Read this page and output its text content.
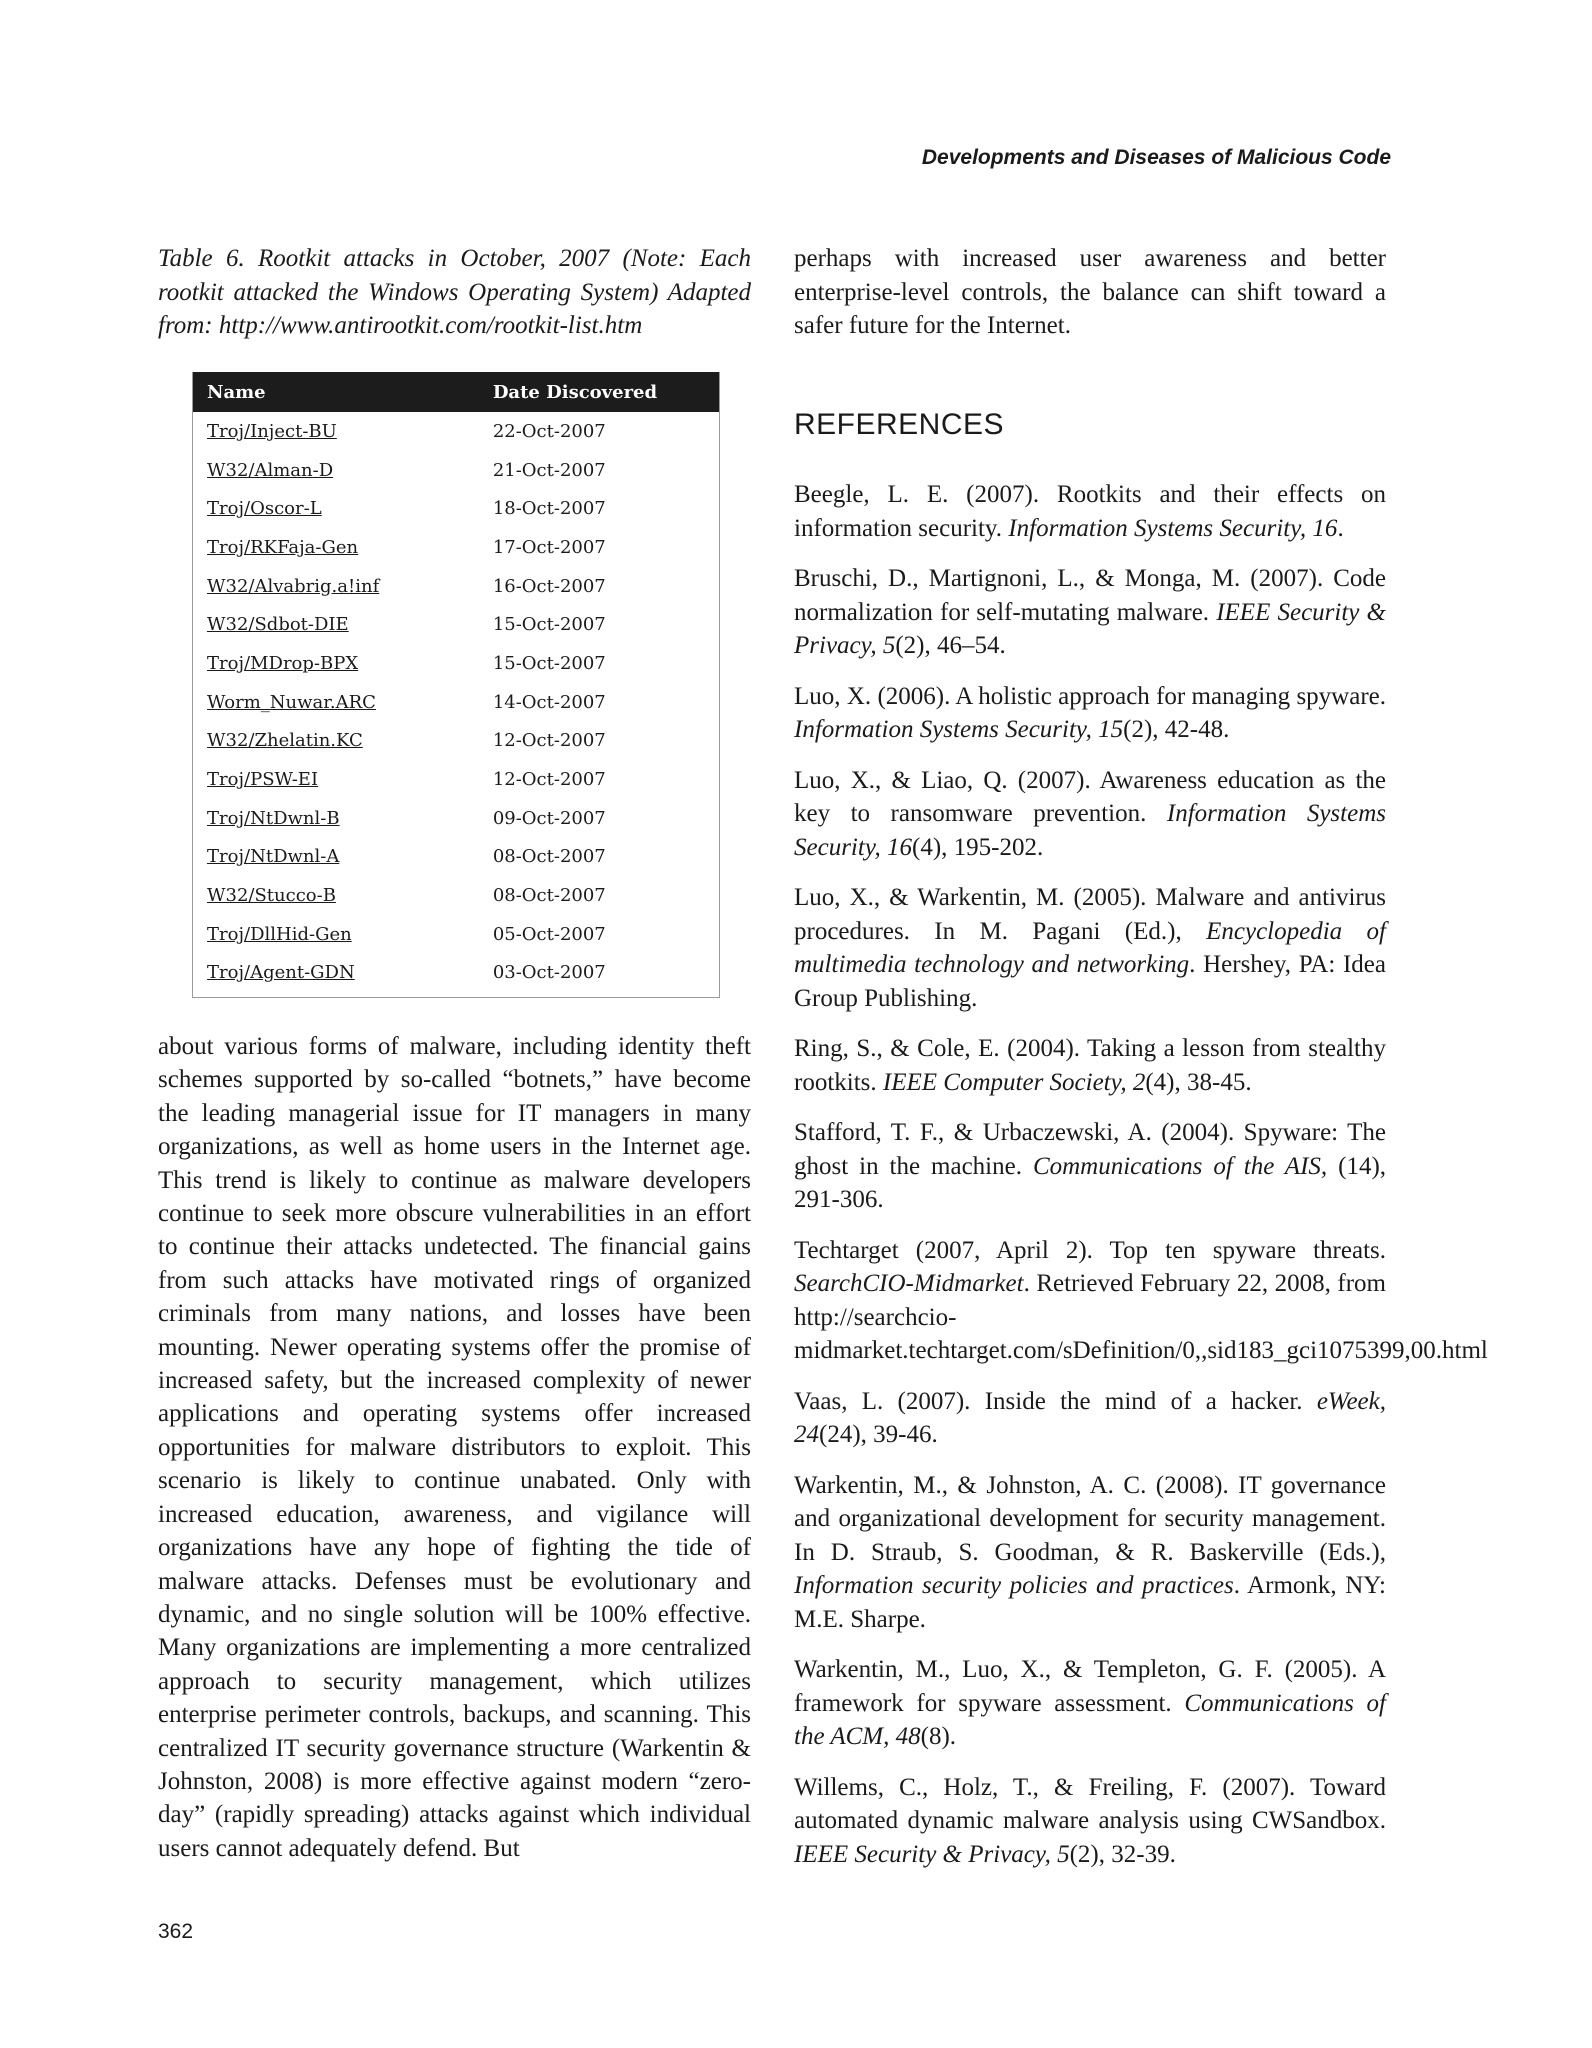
Developments and Diseases of Malicious Code

Table 6. Rootkit attacks in October, 2007 (Note: Each rootkit attacked the Windows Operating System) Adapted from: http://www.antirootkit.com/rootkit-list.htm

Name	Date Discovered
Troj/Inject-BU	22-Oct-2007
W32/Alman-D	21-Oct-2007
Troj/Oscor-L	18-Oct-2007
Troj/RKFaja-Gen	17-Oct-2007
W32/Alvabrig.a!inf	16-Oct-2007
W32/Sdbot-DIE	15-Oct-2007
Troj/MDrop-BPX	15-Oct-2007
Worm_Nuwar.ARC	14-Oct-2007
W32/Zhelatin.KC	12-Oct-2007
Troj/PSW-EI	12-Oct-2007
Troj/NtDwnl-B	09-Oct-2007
Troj/NtDwnl-A	08-Oct-2007
W32/Stucco-B	08-Oct-2007
Troj/DllHid-Gen	05-Oct-2007
Troj/Agent-GDN	03-Oct-2007

about various forms of malware, including identity theft schemes supported by so-called “botnets,” have become the leading managerial issue for IT managers in many organizations, as well as home users in the Internet age. This trend is likely to continue as malware developers continue to seek more obscure vulnerabilities in an effort to continue their attacks undetected. The financial gains from such attacks have motivated rings of organized criminals from many nations, and losses have been mounting. Newer operating systems offer the promise of increased safety, but the increased complexity of newer applications and operating systems offer increased opportunities for malware distributors to exploit. This scenario is likely to continue unabated. Only with increased education, awareness, and vigilance will organizations have any hope of fighting the tide of malware attacks. Defenses must be evolutionary and dynamic, and no single solution will be 100% effective. Many organizations are implementing a more centralized approach to security management, which utilizes enterprise perimeter controls, backups, and scanning. This centralized IT security governance structure (Warkentin & Johnston, 2008) is more effective against modern “zero-day” (rapidly spreading) attacks against which individual users cannot adequately defend. But

perhaps with increased user awareness and better enterprise-level controls, the balance can shift toward a safer future for the Internet.

REFERENCES

Beegle, L. E. (2007). Rootkits and their effects on information security. Information Systems Security, 16.

Bruschi, D., Martignoni, L., & Monga, M. (2007). Code normalization for self-mutating malware. IEEE Security & Privacy, 5(2), 46–54.

Luo, X. (2006). A holistic approach for managing spyware. Information Systems Security, 15(2), 42-48.

Luo, X., & Liao, Q. (2007). Awareness education as the key to ransomware prevention. Information Systems Security, 16(4), 195-202.

Luo, X., & Warkentin, M. (2005). Malware and antivirus procedures. In M. Pagani (Ed.), Encyclopedia of multimedia technology and networking. Hershey, PA: Idea Group Publishing.

Ring, S., & Cole, E. (2004). Taking a lesson from stealthy rootkits. IEEE Computer Society, 2(4), 38-45.

Stafford, T. F., & Urbaczewski, A. (2004). Spyware: The ghost in the machine. Communications of the AIS, (14), 291-306.

Techtarget (2007, April 2). Top ten spyware threats. SearchCIO-Midmarket. Retrieved February 22, 2008, from http://searchcio-midmarket.techtarget.com/sDefinition/0,,sid183_gci1075399,00.html

Vaas, L. (2007). Inside the mind of a hacker. eWeek, 24(24), 39-46.

Warkentin, M., & Johnston, A. C. (2008). IT governance and organizational development for security management. In D. Straub, S. Goodman, & R. Baskerville (Eds.), Information security policies and practices. Armonk, NY: M.E. Sharpe.

Warkentin, M., Luo, X., & Templeton, G. F. (2005). A framework for spyware assessment. Communications of the ACM, 48(8).

Willems, C., Holz, T., & Freiling, F. (2007). Toward automated dynamic malware analysis using CWSandbox. IEEE Security & Privacy, 5(2), 32-39.

362
